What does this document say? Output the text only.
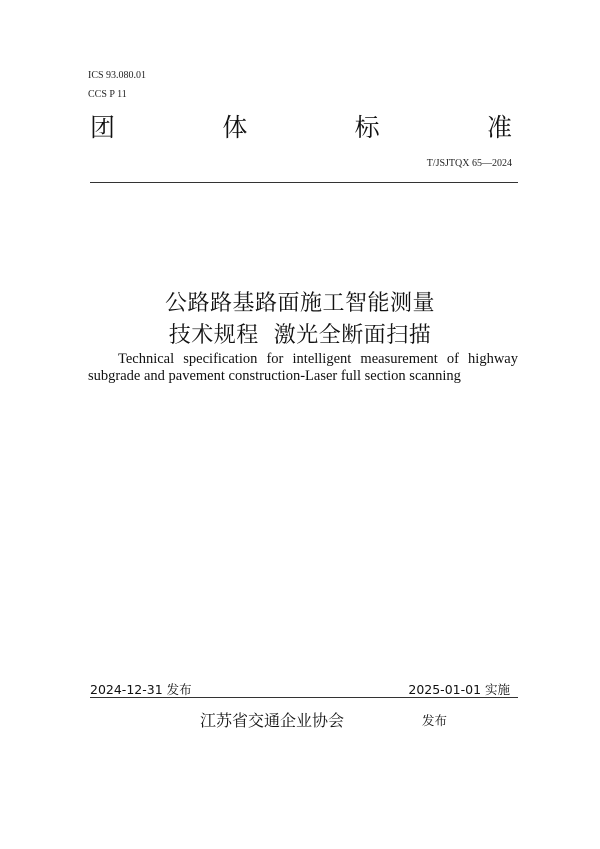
ICS 93.080.01
CCS P 11
团	体	标	准
T/JSJTQX 65—2024
公路路基路面施工智能测量
技术规程  激光全断面扫描
Technical specification for intelligent measurement of highway
subgrade and pavement construction-Laser full section scanning
2024-12-31 发布	2025-01-01 实施
江苏省交通企业协会	发布
